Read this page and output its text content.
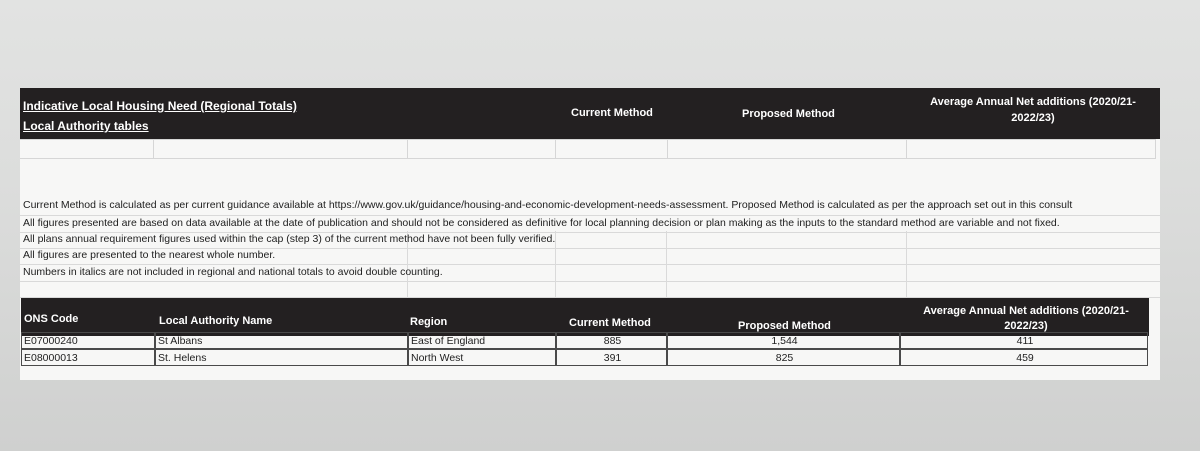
Indicative Local Housing Need (Regional Totals)
Local Authority tables
Current Method	Proposed Method
Average Annual Net additions (2020/21-
2022/23)
Current Method is calculated as per current guidance available at https://www.gov.uk/guidance/housing-and-economic-development-needs-assessment. Proposed Method is calculated as per the approach set out in this consult
All figures presented are based on data available at the date of publication and should not be considered as definitive for local planning decision or plan making as the inputs to the standard method are variable and not fixed.
All plans annual requirement figures used within the cap (step 3) of the current method have not been fully verified.
All figures are presented to the nearest whole number.
Numbers in italics are not included in regional and national totals to avoid double counting.
ONS Code	Local Authority Name	Region	Current Method	Proposed Method
Average Annual Net additions (2020/21-
2022/23)
E07000240	St Albans	East of England	885	1,544	411
E08000013	St. Helens	North West	391	825	459
